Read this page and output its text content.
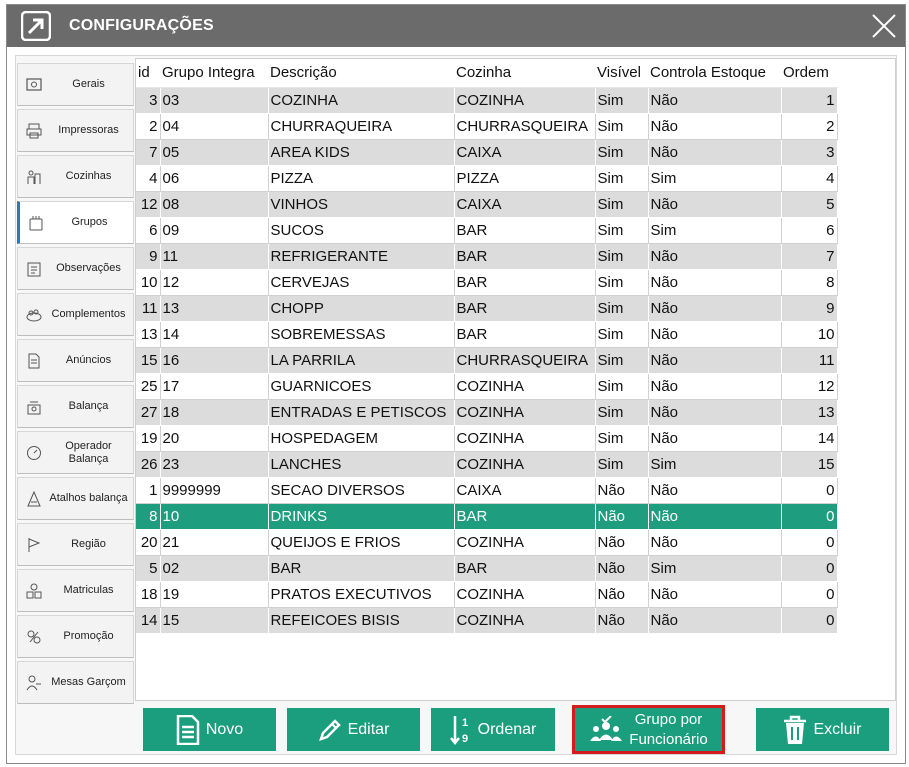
CONFIGURAÇÕES
Gerais
Impressoras
Cozinhas
Grupos
Observações
Complementos
Anúncios
Balança
Operador Balança
Atalhos balança
Região
Matriculas
Promoção
Mesas Garçom
id	Grupo Integra	Descrição	Cozinha	Visível	Controla Estoque	Ordem
3	03	COZINHA	COZINHA	Sim	Não	1
2	04	CHURRAQUEIRA	CHURRASQUEIRA	Sim	Não	2
7	05	AREA KIDS	CAIXA	Sim	Não	3
4	06	PIZZA	PIZZA	Sim	Sim	4
12	08	VINHOS	CAIXA	Sim	Não	5
6	09	SUCOS	BAR	Sim	Sim	6
9	11	REFRIGERANTE	BAR	Sim	Não	7
10	12	CERVEJAS	BAR	Sim	Não	8
11	13	CHOPP	BAR	Sim	Não	9
13	14	SOBREMESSAS	BAR	Sim	Não	10
15	16	LA PARRILA	CHURRASQUEIRA	Sim	Não	11
25	17	GUARNICOES	COZINHA	Sim	Não	12
27	18	ENTRADAS E PETISCOS	COZINHA	Sim	Não	13
19	20	HOSPEDAGEM	COZINHA	Sim	Não	14
26	23	LANCHES	COZINHA	Sim	Sim	15
1	9999999	SECAO DIVERSOS	CAIXA	Não	Não	0
8	10	DRINKS	BAR	Não	Não	0
20	21	QUEIJOS E FRIOS	COZINHA	Não	Não	0
5	02	BAR	BAR	Não	Sim	0
18	19	PRATOS EXECUTIVOS	COZINHA	Não	Não	0
14	15	REFEICOES BISIS	COZINHA	Não	Não	0
Novo	Editar	1
9
Ordenar
Grupo por
Funcionário
Excluir
